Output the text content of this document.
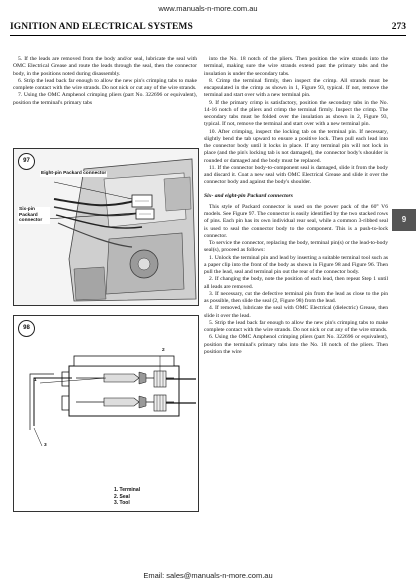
www.manuals-n-more.com.au
IGNITION AND ELECTRICAL SYSTEMS	273

5. If the leads are removed from the body and/or seal, lubricate the seal with OMC Electrical Grease and route the leads through the seal, then the connector body, in the positions noted during disassembly.

6. Strip the lead back far enough to allow the new pin's crimping tabs to make complete contact with the wire strands. Do not nick or cut any of the wire strands.

7. Using the OMC Amphenol crimping pliers (part No. 322696 or equivalent), position the terminal's primary tabs

97
Eight-pin Packard connector
Six-pin Packard connector
98
1
2
3
1. Terminal
2. Seal
3. Tool

into the No. 18 notch of the pliers. Then position the wire strands into the terminal, making sure the wire strands extend past the primary tabs and the insulation is under the secondary tabs.

8. Crimp the terminal firmly, then inspect the crimp. All strands must be encapsulated in the crimp as shown in 1, Figure 93, typical. If not, remove the terminal and start over with a new terminal pin.

9. If the primary crimp is satisfactory, position the secondary tabs in the No. 14-16 notch of the pliers and crimp the terminal firmly. Inspect the crimp. The secondary tabs must be folded over the insulation as shown in 2, Figure 93, typical. If not, remove the terminal and start over with a new terminal pin.

10. After crimping, inspect the locking tab on the terminal pin. If necessary, slightly bend the tab upward to ensure a positive lock. Then pull each lead into the connector body until it locks in place. If any terminal pin will not lock in place (and the pin's locking tab is not damaged), the connector body's shoulder is rounded or damaged and the body must be replaced.

11. If the connector body-to-component seal is damaged, slide it from the body and discard it. Coat a new seal with OMC Electrical Grease and slide it over the connector body and against the body's shoulder.

Six- and eight-pin Packard connectors

This style of Packard connector is used on the power pack of the 60° V6 models. See Figure 97. The connector is easily identified by the two stacked rows of pins. Each pin has its own individual rear seal, while a common 3-ribbed seal is used to seal the connector body to the component. This is a push-to-lock connector.

To service the connector, replacing the body, terminal pin(s) or the lead-to-body seal(s), proceed as follows:

1. Unlock the terminal pin and lead by inserting a suitable terminal tool such as a paper clip into the front of the body as shown in Figure 98 and Figure 96. Then pull the lead, seal and terminal pin out the rear of the connector body.

2. If changing the body, note the position of each lead, then repeat Step 1 until all leads are removed.

3. If necessary, cut the defective terminal pin from the lead as close to the pin as possible, then slide the seal (2, Figure 98) from the lead.

4. If removed, lubricate the seal with OMC Electrical (dielectric) Grease, then slide it over the lead.

5. Strip the lead back far enough to allow the new pin's crimping tabs to make complete contact with the wire strands. Do not nick or cut any of the wire strands.

6. Using the OMC Amphenol crimping pliers (part No. 322696 or equivalent), position the terminal's primary tabs into the No. 18 notch of the pliers. Then position the wire

9
Email: sales@manuals-n-more.com.au
